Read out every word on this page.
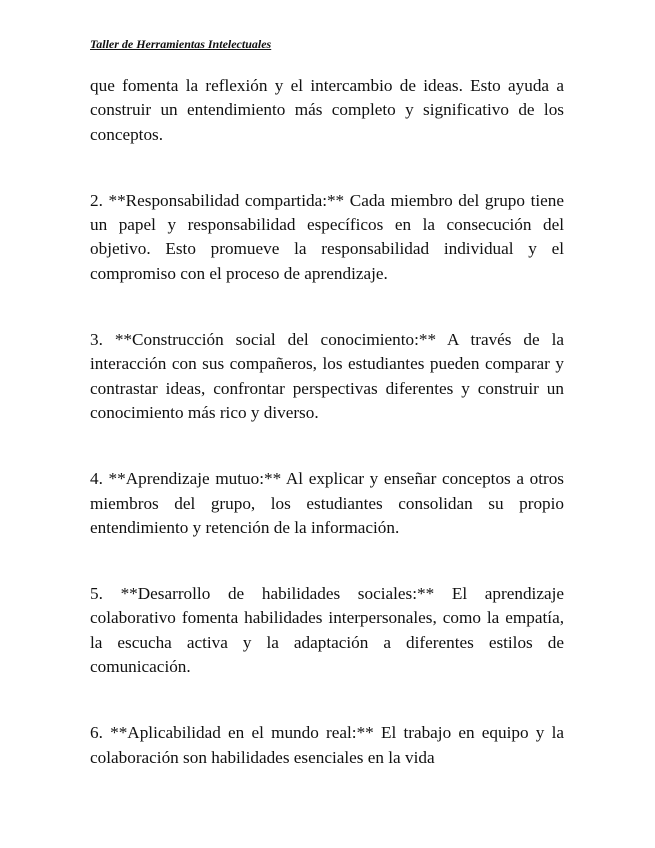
Taller de Herramientas Intelectuales

que fomenta la reflexión y el intercambio de ideas. Esto ayuda a construir un entendimiento más completo y significativo de los conceptos.

2. **Responsabilidad compartida:** Cada miembro del grupo tiene un papel y responsabilidad específicos en la consecución del objetivo. Esto promueve la responsabilidad individual y el compromiso con el proceso de aprendizaje.

3. **Construcción social del conocimiento:** A través de la interacción con sus compañeros, los estudiantes pueden comparar y contrastar ideas, confrontar perspectivas diferentes y construir un conocimiento más rico y diverso.

4. **Aprendizaje mutuo:** Al explicar y enseñar conceptos a otros miembros del grupo, los estudiantes consolidan su propio entendimiento y retención de la información.

5. **Desarrollo de habilidades sociales:** El aprendizaje colaborativo fomenta habilidades interpersonales, como la empatía, la escucha activa y la adaptación a diferentes estilos de comunicación.

6. **Aplicabilidad en el mundo real:** El trabajo en equipo y la colaboración son habilidades esenciales en la vida
